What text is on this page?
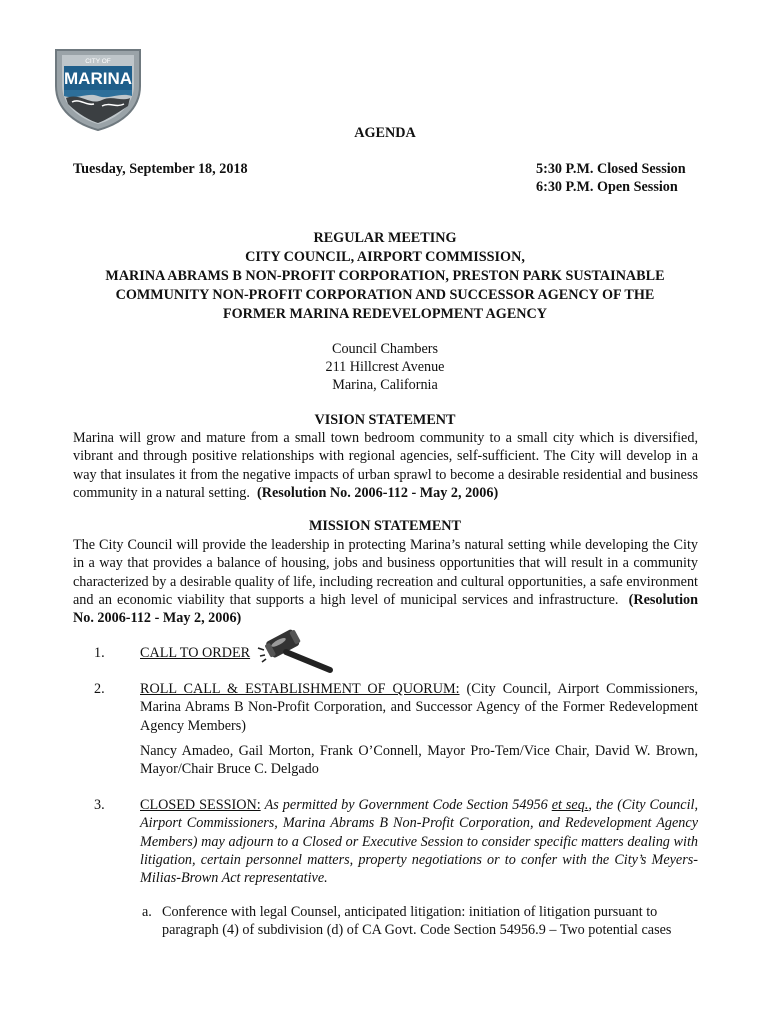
CITY OF
MARINA
AGENDA
Tuesday, September 18, 2018	5:30 P.M. Closed Session
6:30 P.M. Open Session
REGULAR MEETING
CITY COUNCIL, AIRPORT COMMISSION,
MARINA ABRAMS B NON-PROFIT CORPORATION, PRESTON PARK SUSTAINABLE
COMMUNITY NON-PROFIT CORPORATION AND SUCCESSOR AGENCY OF THE
FORMER MARINA REDEVELOPMENT AGENCY
Council Chambers
211 Hillcrest Avenue
Marina, California
VISION STATEMENT
Marina will grow and mature from a small town bedroom community to a small city which is diversified, vibrant and through positive relationships with regional agencies, self-sufficient. The City will develop in a way that insulates it from the negative impacts of urban sprawl to become a desirable residential and business community in a natural setting. (Resolution No. 2006-112 - May 2, 2006)
MISSION STATEMENT
The City Council will provide the leadership in protecting Marina’s natural setting while developing the City in a way that provides a balance of housing, jobs and business opportunities that will result in a community characterized by a desirable quality of life, including recreation and cultural opportunities, a safe environment and an economic viability that supports a high level of municipal services and infrastructure. (Resolution No. 2006-112 - May 2, 2006)
1. CALL TO ORDER
2. ROLL CALL & ESTABLISHMENT OF QUORUM: (City Council, Airport Commissioners, Marina Abrams B Non-Profit Corporation, and Successor Agency of the Former Redevelopment Agency Members)
Nancy Amadeo, Gail Morton, Frank O’Connell, Mayor Pro-Tem/Vice Chair, David W. Brown, Mayor/Chair Bruce C. Delgado
3. CLOSED SESSION: As permitted by Government Code Section 54956 et seq., the (City Council, Airport Commissioners, Marina Abrams B Non-Profit Corporation, and Redevelopment Agency Members) may adjourn to a Closed or Executive Session to consider specific matters dealing with litigation, certain personnel matters, property negotiations or to confer with the City’s Meyers-Milias-Brown Act representative.
a. Conference with legal Counsel, anticipated litigation: initiation of litigation pursuant to paragraph (4) of subdivision (d) of CA Govt. Code Section 54956.9 – Two potential cases
